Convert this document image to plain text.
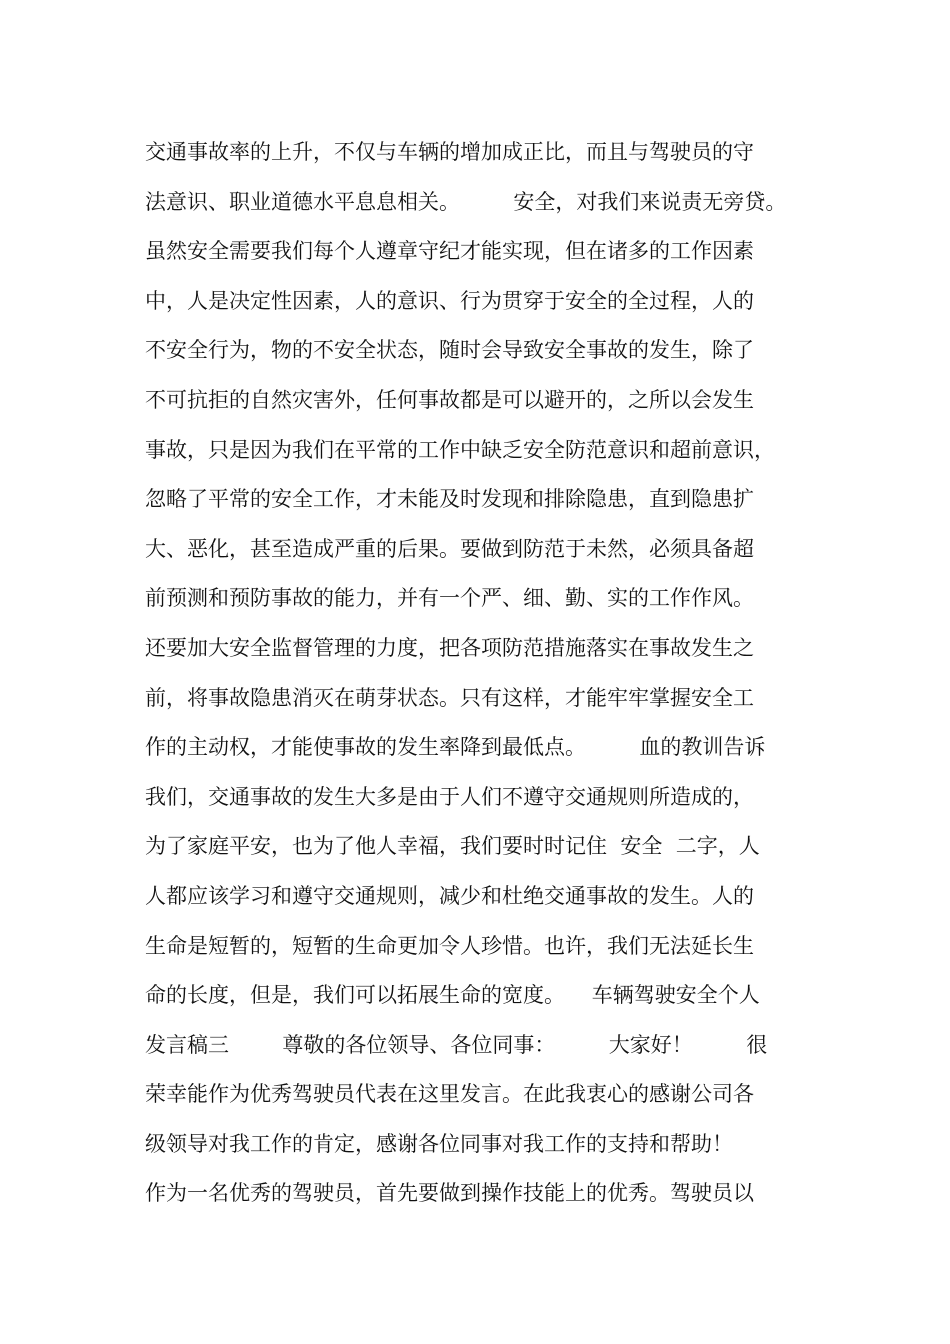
交通事故率的上升，不仅与车辆的增加成正比，而且与驾驶员的守
法意识、职业道德水平息息相关。        安全，对我们来说责无旁贷。
虽然安全需要我们每个人遵章守纪才能实现，但在诸多的工作因素
中，人是决定性因素，人的意识、行为贯穿于安全的全过程，人的
不安全行为，物的不安全状态，随时会导致安全事故的发生，除了
不可抗拒的自然灾害外，任何事故都是可以避开的，之所以会发生
事故，只是因为我们在平常的工作中缺乏安全防范意识和超前意识，
忽略了平常的安全工作，才未能及时发现和排除隐患，直到隐患扩
大、恶化，甚至造成严重的后果。要做到防范于未然，必须具备超
前预测和预防事故的能力，并有一个严、细、勤、实的工作作风。
还要加大安全监督管理的力度，把各项防范措施落实在事故发生之
前，将事故隐患消灭在萌芽状态。只有这样，才能牢牢掌握安全工
作的主动权，才能使事故的发生率降到最低点。        血的教训告诉
我们，交通事故的发生大多是由于人们不遵守交通规则所造成的，
为了家庭平安，也为了他人幸福，我们要时时记住  安全  二字，人
人都应该学习和遵守交通规则，减少和杜绝交通事故的发生。人的
生命是短暂的，短暂的生命更加令人珍惜。也许，我们无法延长生
命的长度，但是，我们可以拓展生命的宽度。    车辆驾驶安全个人
发言稿三        尊敬的各位领导、各位同事：        大家好！        很
荣幸能作为优秀驾驶员代表在这里发言。在此我衷心的感谢公司各
级领导对我工作的肯定，感谢各位同事对我工作的支持和帮助！
作为一名优秀的驾驶员，首先要做到操作技能上的优秀。驾驶员以
